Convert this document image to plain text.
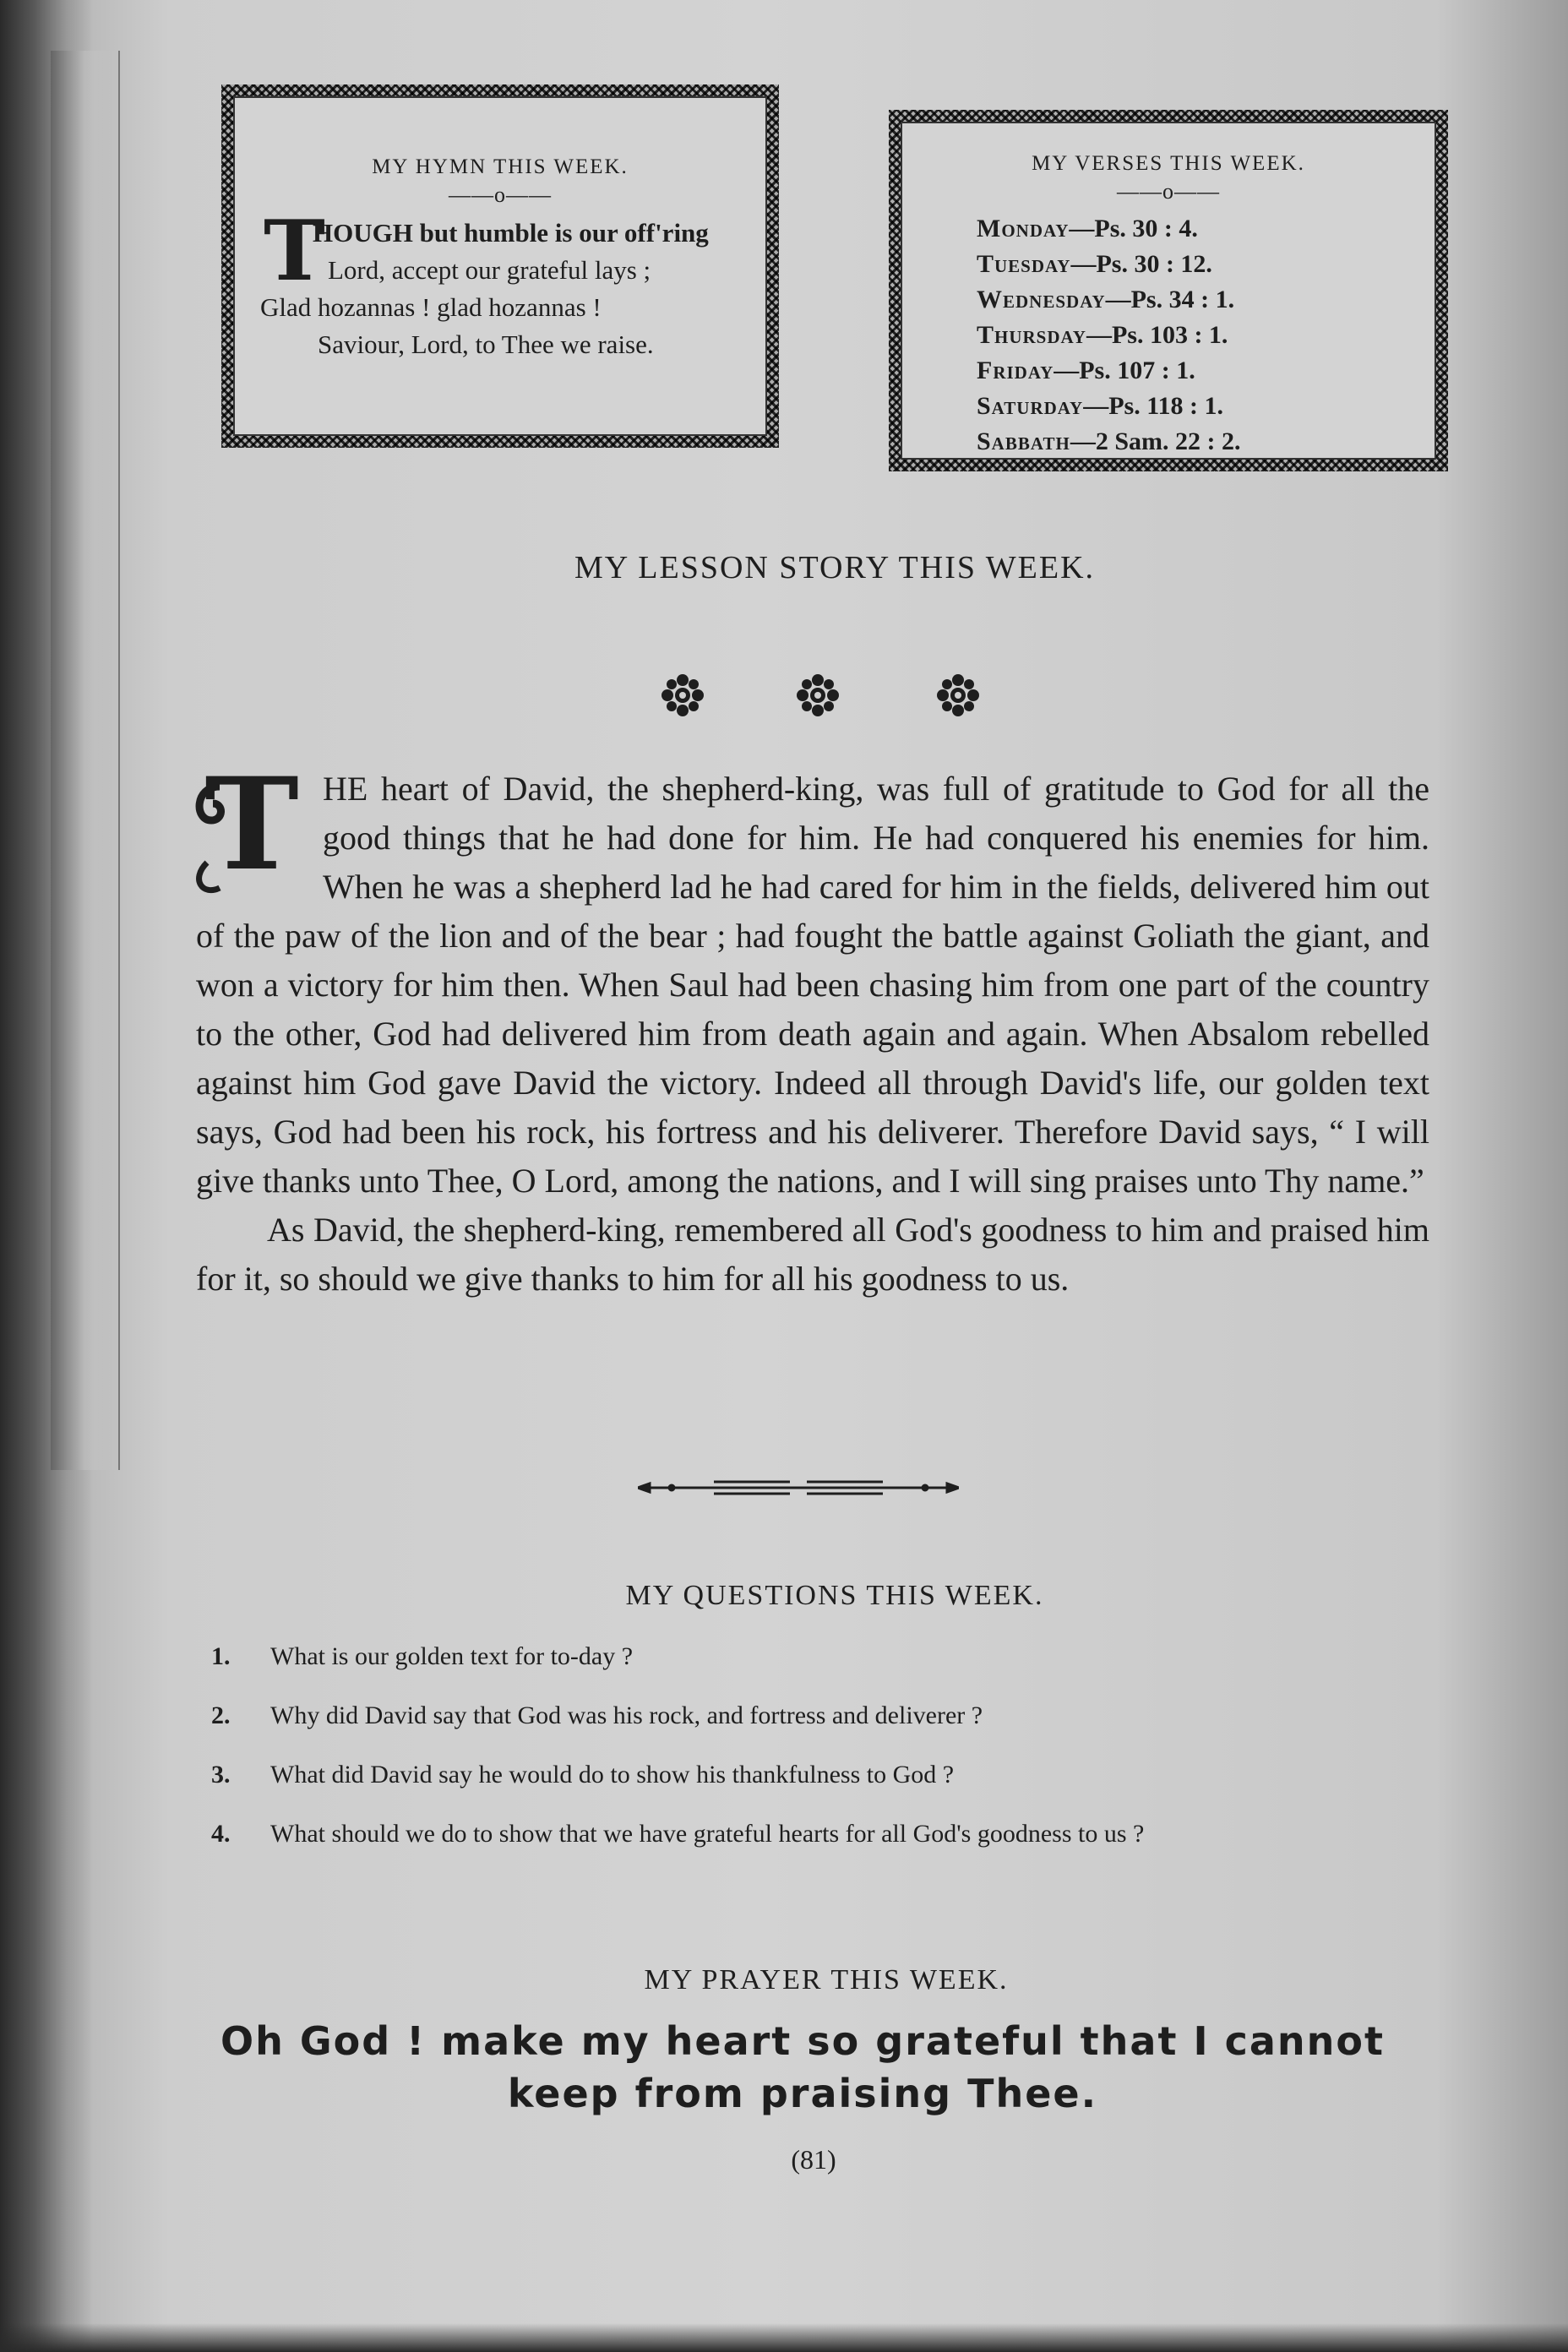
MY HYMN THIS WEEK.
——o——
T
HOUGH but humble is our off'ring
Lord, accept our grateful lays ;
Glad hozannas ! glad hozannas !
Saviour, Lord, to Thee we raise.
MY VERSES THIS WEEK.
——o——
Monday—Ps. 30 : 4.
Tuesday—Ps. 30 : 12.
Wednesday—Ps. 34 : 1.
Thursday—Ps. 103 : 1.
Friday—Ps. 107 : 1.
Saturday—Ps. 118 : 1.
Sabbath—2 Sam. 22 : 2.
MY LESSON STORY THIS WEEK.
T HE heart of David, the shepherd-king, was full of gratitude to God for all the good things that he had done for him. He had conquered his enemies for him. When he was a shepherd lad he had cared for him in the fields, delivered him out of the paw of the lion and of the bear ; had fought the battle against Goliath the giant, and won a victory for him then. When Saul had been chasing him from one part of the country to the other, God had delivered him from death again and again. When Absalom rebelled against him God gave David the victory. Indeed all through David's life, our golden text says, God had been his rock, his fortress and his deliverer. Therefore David says, “ I will give thanks unto Thee, O Lord, among the nations, and I will sing praises unto Thy name.”

As David, the shepherd-king, remembered all God's goodness to him and praised him for it, so should we give thanks to him for all his goodness to us.

MY QUESTIONS THIS WEEK.
1.	What is our golden text for to-day ?
2.	Why did David say that God was his rock, and fortress and deliverer ?
3.	What did David say he would do to show his thankfulness to God ?
4.	What should we do to show that we have grateful hearts for all God's goodness to us ?
MY PRAYER THIS WEEK.
Oh God ! make my heart so grateful that I cannot keep from praising Thee.
(81)
